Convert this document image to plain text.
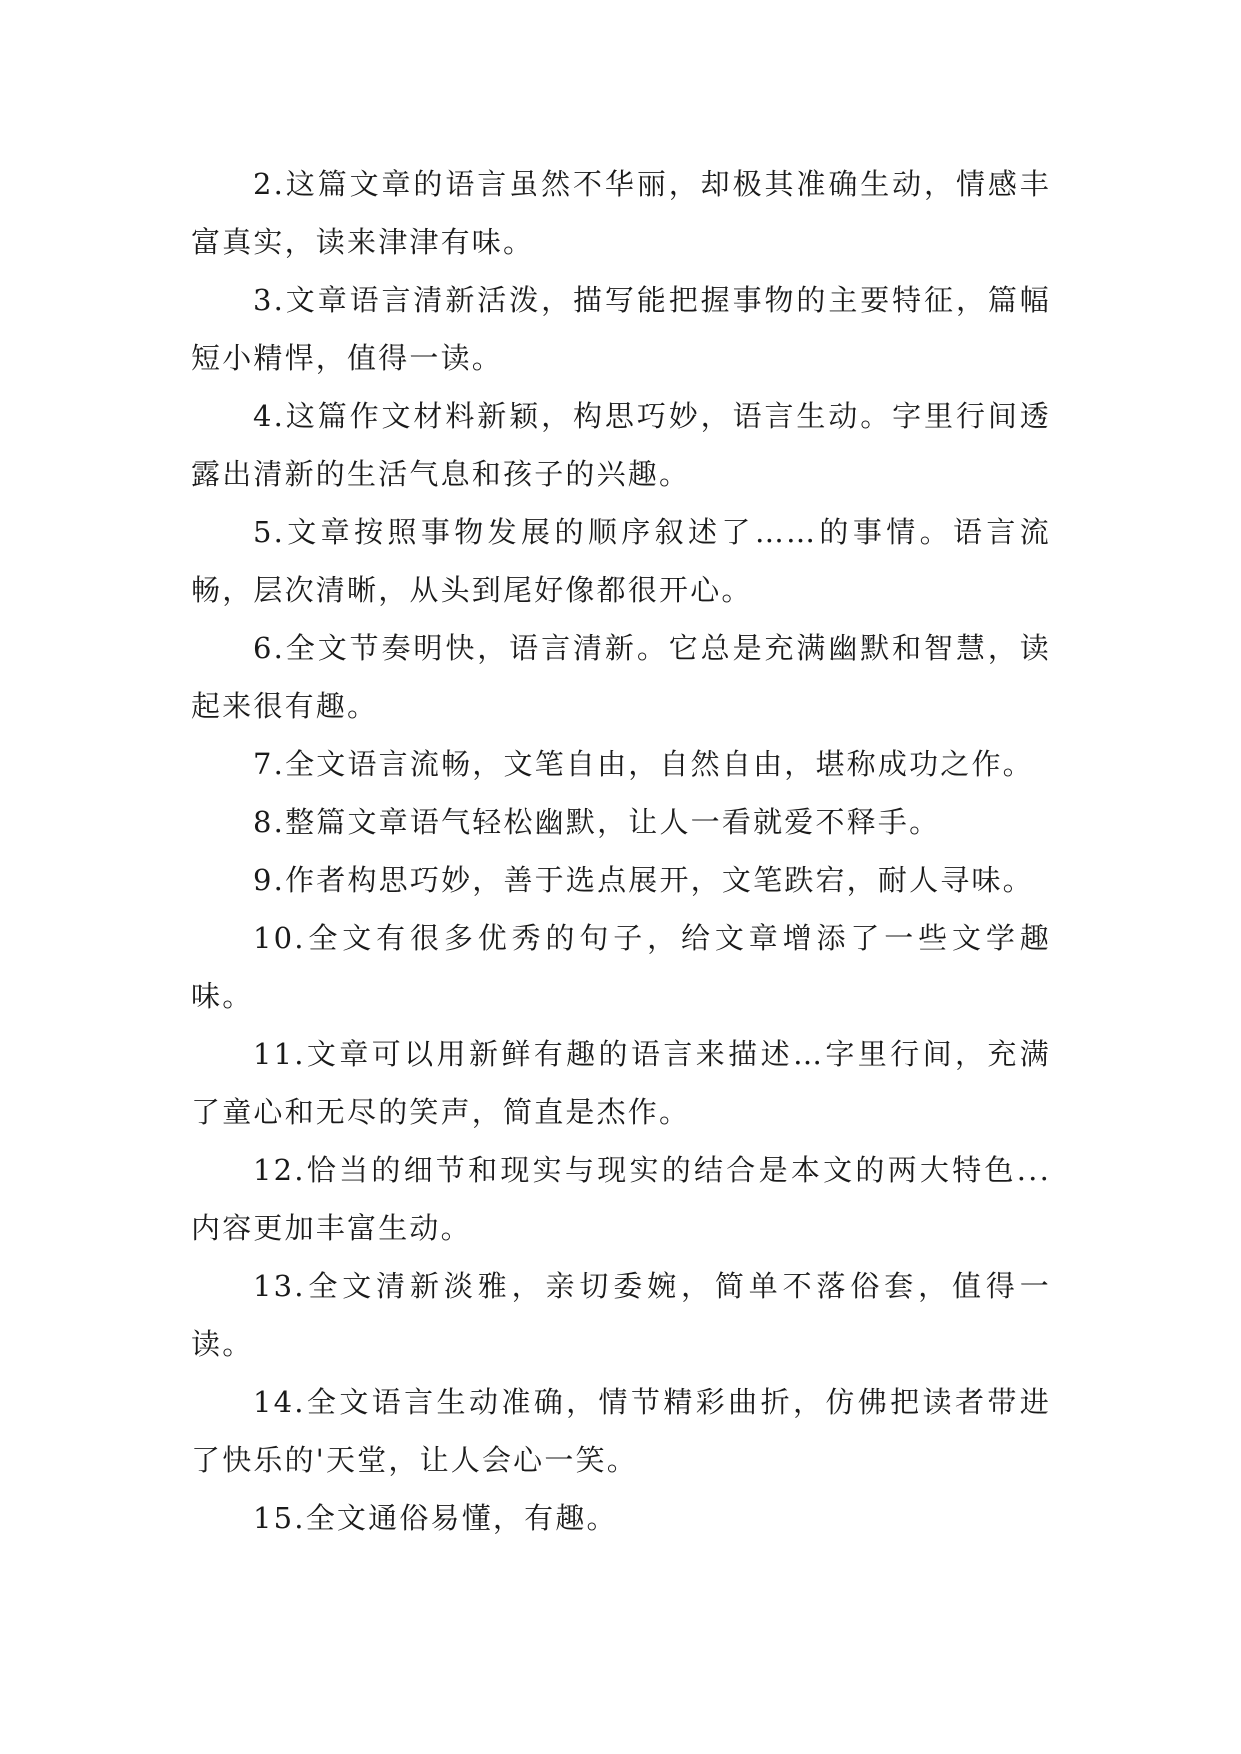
2.这篇文章的语言虽然不华丽，却极其准确生动，情感丰富真实，读来津津有味。

3.文章语言清新活泼，描写能把握事物的主要特征，篇幅短小精悍，值得一读。

4.这篇作文材料新颖，构思巧妙，语言生动。字里行间透露出清新的生活气息和孩子的兴趣。

5.文章按照事物发展的顺序叙述了……的事情。语言流畅，层次清晰，从头到尾好像都很开心。

6.全文节奏明快，语言清新。它总是充满幽默和智慧，读起来很有趣。

7.全文语言流畅，文笔自由，自然自由，堪称成功之作。

8.整篇文章语气轻松幽默，让人一看就爱不释手。

9.作者构思巧妙，善于选点展开，文笔跌宕，耐人寻味。

10.全文有很多优秀的句子，给文章增添了一些文学趣味。

11.文章可以用新鲜有趣的语言来描述…字里行间，充满了童心和无尽的笑声，简直是杰作。

12.恰当的细节和现实与现实的结合是本文的两大特色...内容更加丰富生动。

13.全文清新淡雅，亲切委婉，简单不落俗套，值得一读。

14.全文语言生动准确，情节精彩曲折，仿佛把读者带进了快乐的'天堂，让人会心一笑。

15.全文通俗易懂，有趣。
